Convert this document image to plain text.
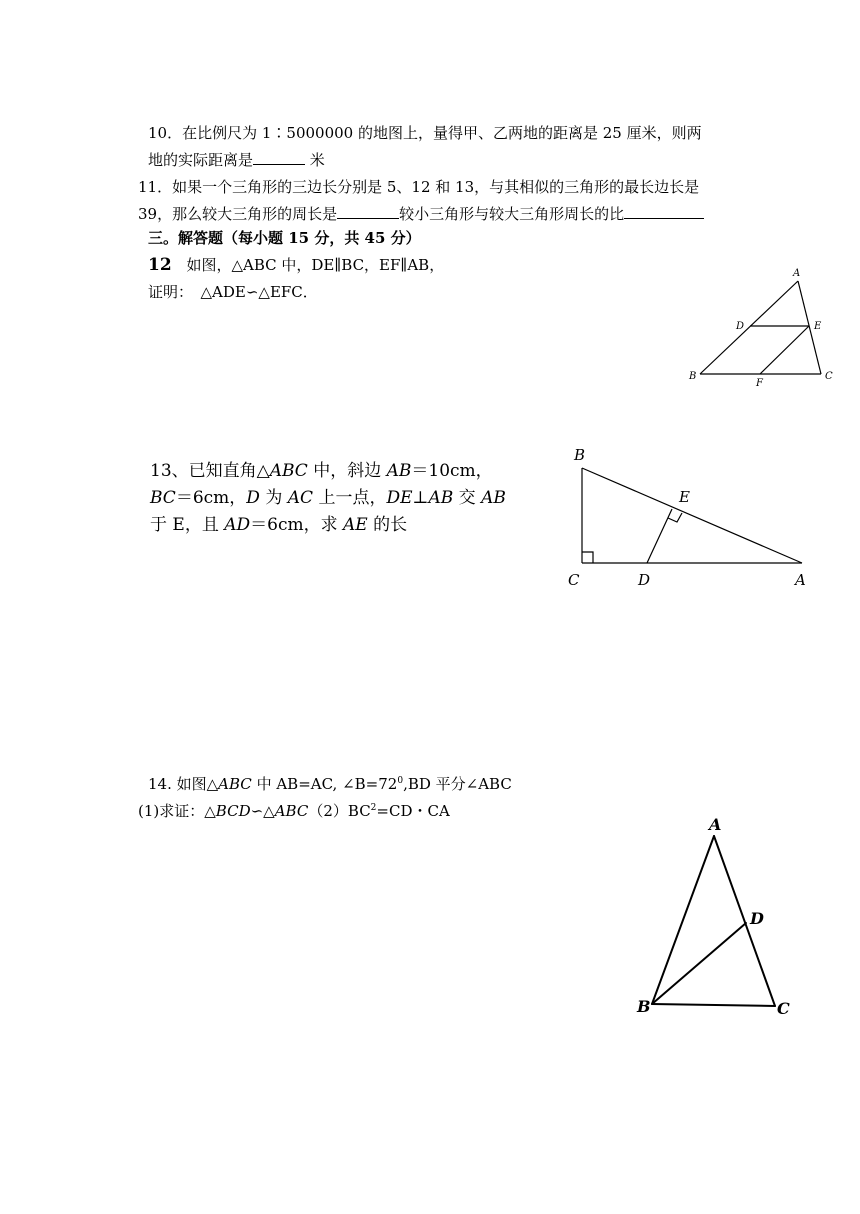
10．在比例尺为 1∶5000000 的地图上，量得甲、乙两地的距离是 25 厘米，则两
地的实际距离是	米
11．如果一个三角形的三边长分别是 5、12 和 13，与其相似的三角形的最长边长是
39，那么较大三角形的周长是	较小三角形与较大三角形周长的比
三。解答题（每小题 15 分，共 45 分）
12 如图，△ABC 中，DE∥BC，EF∥AB，
证明：　△ADE∽△EFC．
A
B	C
D	E
F
13、已知直角△ABC 中，斜边 AB＝10cm，
BC＝6cm，D 为 AC 上一点，DE⊥AB 交 AB
于 E，且 AD＝6cm，求 AE 的长
B
C	D	A
E
14. 如图△ABC 中 AB=AC, $\angle B=72^0,BD$ 平分∠ABC
(1)求证：$\triangle BCD∽\triangle ABC(2)BC^2=CD$・CA
A
B	C
D
